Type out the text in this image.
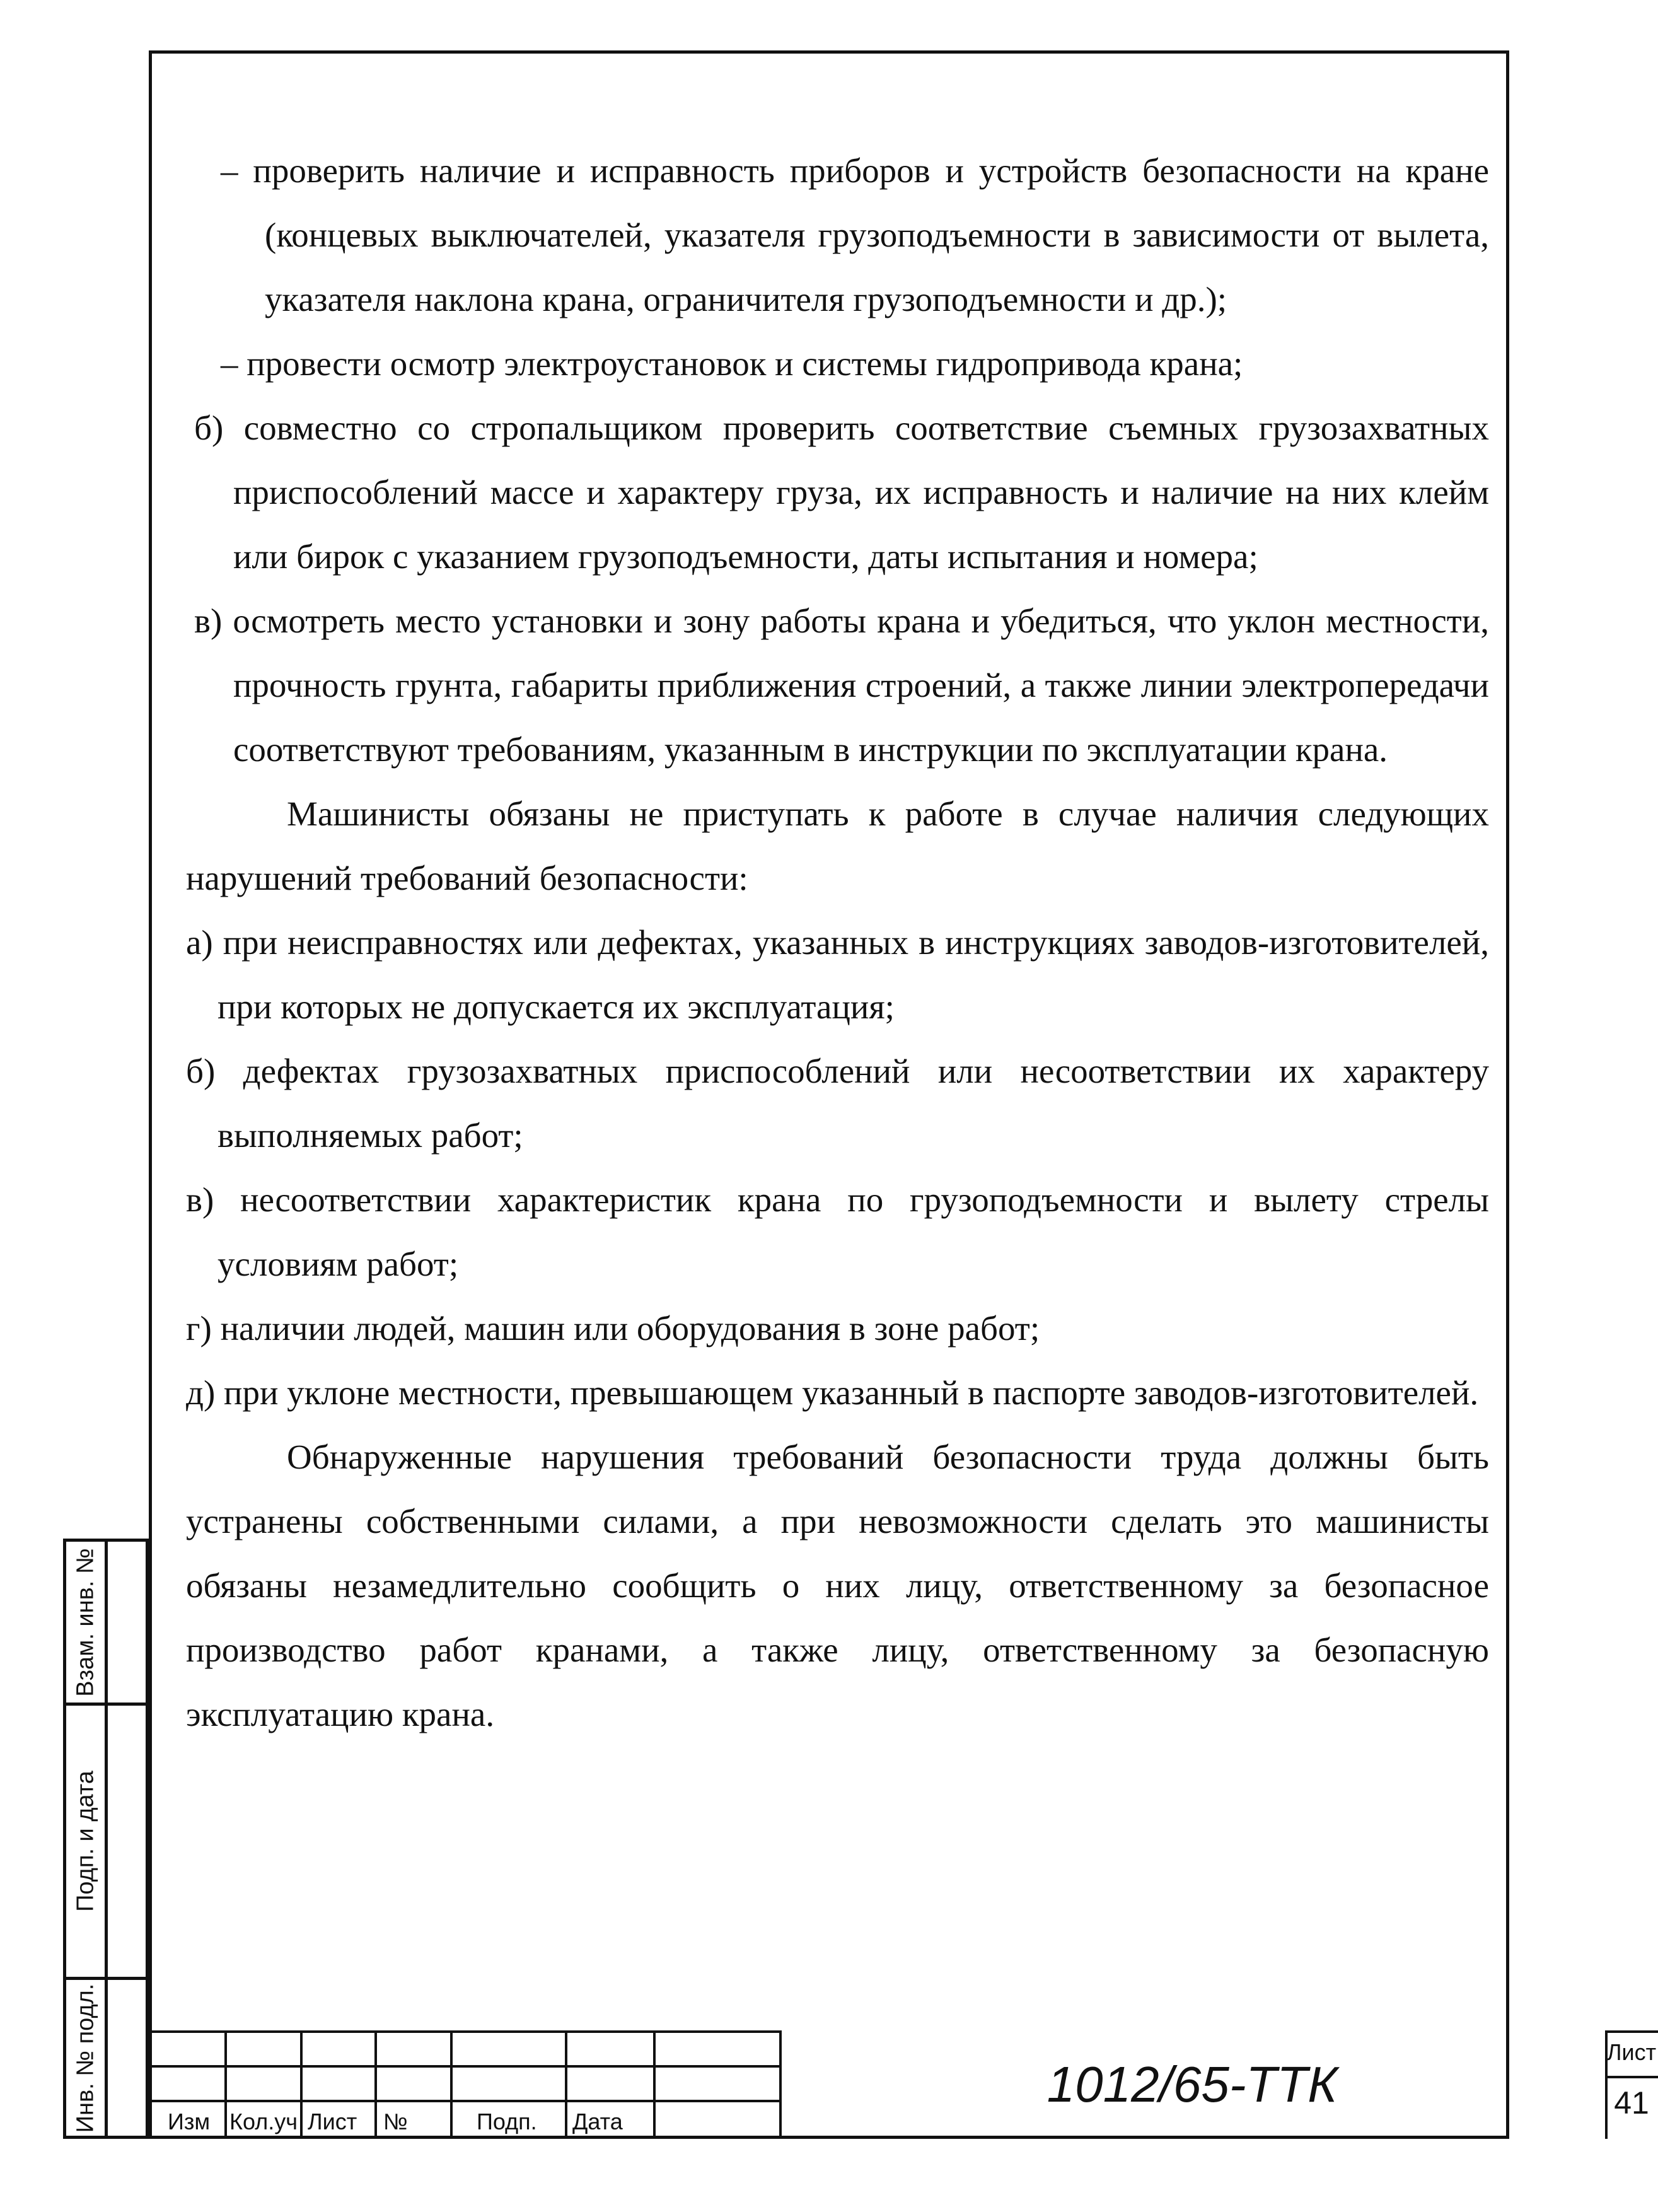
– проверить наличие и исправность приборов и устройств безопасности на кране (концевых выключателей, указателя грузоподъемности в зависимости от вылета, указателя наклона крана, ограничителя грузоподъемности и др.);

– провести осмотр электроустановок и системы гидропривода крана;

б) совместно со стропальщиком проверить соответствие съемных грузозахватных приспособлений массе и характеру груза, их исправность и наличие на них клейм или бирок с указанием грузоподъемности, даты испытания и номера;

в) осмотреть место установки и зону работы крана и убедиться, что уклон местности, прочность грунта, габариты приближения строений, а также линии электропередачи соответствуют требованиям, указанным в инструкции по эксплуатации крана.

Машинисты обязаны не приступать к работе в случае наличия следующих нарушений требований безопасности:

а) при неисправностях или дефектах, указанных в инструкциях заводов-изготовителей, при которых не допускается их эксплуатация;

б) дефектах грузозахватных приспособлений или несоответствии их характеру выполняемых работ;

в) несоответствии характеристик крана по грузоподъемности и вылету стрелы условиям работ;

г) наличии людей, машин или оборудования в зоне работ;

д) при уклоне местности, превышающем указанный в паспорте заводов-изготовителей.

Обнаруженные нарушения требований безопасности труда должны быть устранены собственными силами, а при невозможности сделать это машинисты обязаны незамедлительно сообщить о них лицу, ответственному за безопасное производство работ кранами, а также лицу, ответственному за безопасную эксплуатацию крана.

Взам. инв. №
Подп. и дата
Инв. № подл.	Изм Кол.уч Лист №	Подп. Дата
1012/65-ТТК
Лист
41
